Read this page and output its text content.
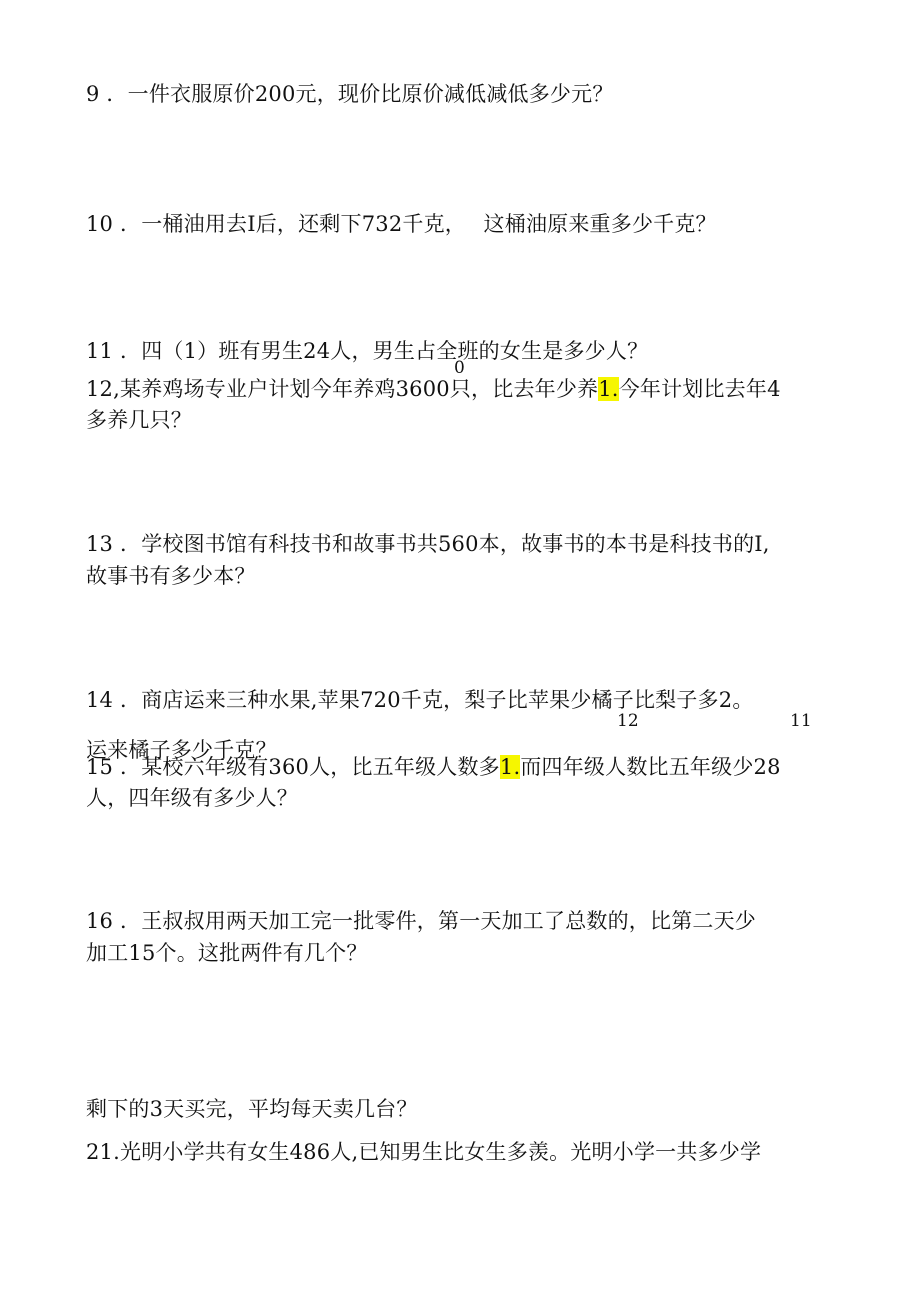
9 ．一件衣服原价200元，现价比原价减低减低多少元？
10 ．一桶油用去I后，还剩下732千克，　 这桶油原来重多少千克？
11 ．四（1）班有男生24人，男生占全班的女生是多少人？
0
12,某养鸡场专业户计划今年养鸡3600只，比去年少养1.今年计划比去年4
多养几只？
13 ．学校图书馆有科技书和故事书共560本，故事书的本书是科技书的I,
故事书有多少本？
14 ．商店运来三种水果,苹果720千克，梨子比苹果少橘子比梨子多2。
12	11
运来橘子多少千克？
15 ．某校六年级有360人，比五年级人数多1.而四年级人数比五年级少28
人，四年级有多少人？
16 ．王叔叔用两天加工完一批零件，第一天加工了总数的，比第二天少
加工15个。这批两件有几个？
剩下的3天买完，平均每天卖几台？
21.光明小学共有女生486人,已知男生比女生多羡。光明小学一共多少学
